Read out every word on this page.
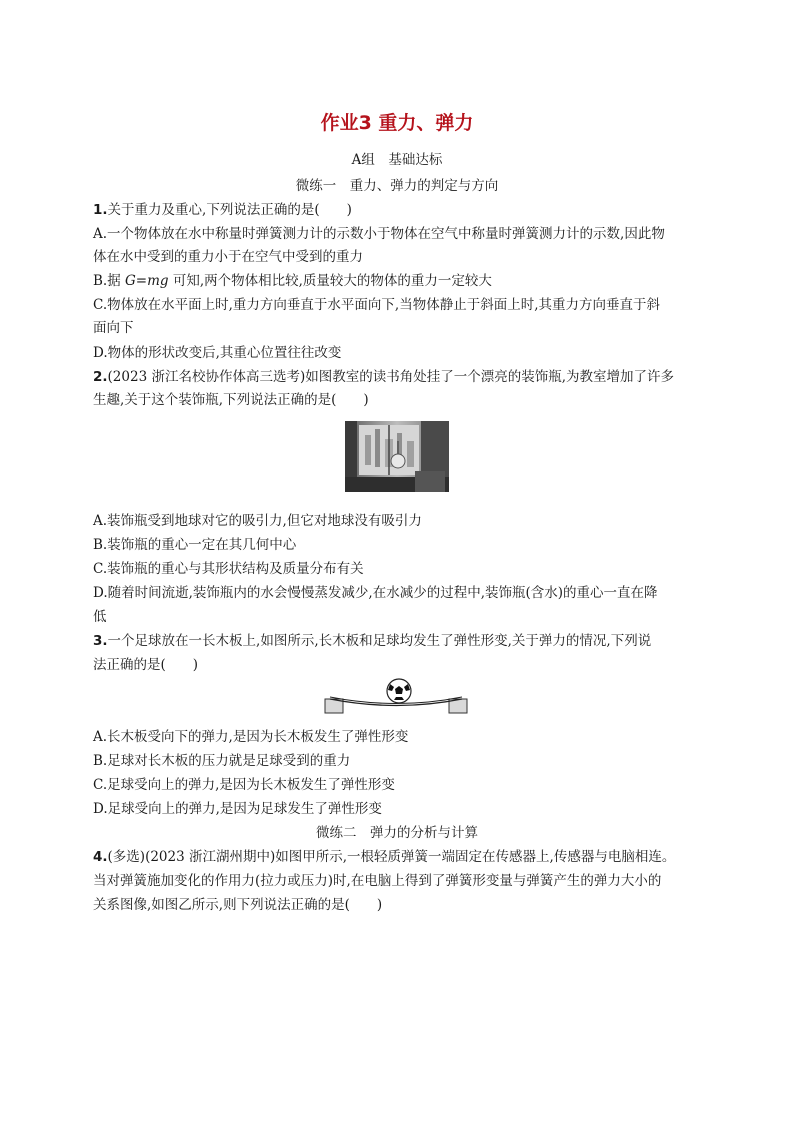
作业3 重力、弹力
A组　基础达标
微练一　重力、弹力的判定与方向
1.关于重力及重心,下列说法正确的是(　　)
A.一个物体放在水中称量时弹簧测力计的示数小于物体在空气中称量时弹簧测力计的示数,因此物
体在水中受到的重力小于在空气中受到的重力
B.据 G=mg 可知,两个物体相比较,质量较大的物体的重力一定较大
C.物体放在水平面上时,重力方向垂直于水平面向下,当物体静止于斜面上时,其重力方向垂直于斜
面向下
D.物体的形状改变后,其重心位置往往改变
2.(2023 浙江名校协作体高三选考)如图教室的读书角处挂了一个漂亮的装饰瓶,为教室增加了许多
生趣,关于这个装饰瓶,下列说法正确的是(　　)
A.装饰瓶受到地球对它的吸引力,但它对地球没有吸引力
B.装饰瓶的重心一定在其几何中心
C.装饰瓶的重心与其形状结构及质量分布有关
D.随着时间流逝,装饰瓶内的水会慢慢蒸发减少,在水减少的过程中,装饰瓶(含水)的重心一直在降
低
3.一个足球放在一长木板上,如图所示,长木板和足球均发生了弹性形变,关于弹力的情况,下列说
法正确的是(　　)
A.长木板受向下的弹力,是因为长木板发生了弹性形变
B.足球对长木板的压力就是足球受到的重力
C.足球受向上的弹力,是因为长木板发生了弹性形变
D.足球受向上的弹力,是因为足球发生了弹性形变
微练二　弹力的分析与计算
4.(多选)(2023 浙江湖州期中)如图甲所示,一根轻质弹簧一端固定在传感器上,传感器与电脑相连。
当对弹簧施加变化的作用力(拉力或压力)时,在电脑上得到了弹簧形变量与弹簧产生的弹力大小的
关系图像,如图乙所示,则下列说法正确的是(　　)
